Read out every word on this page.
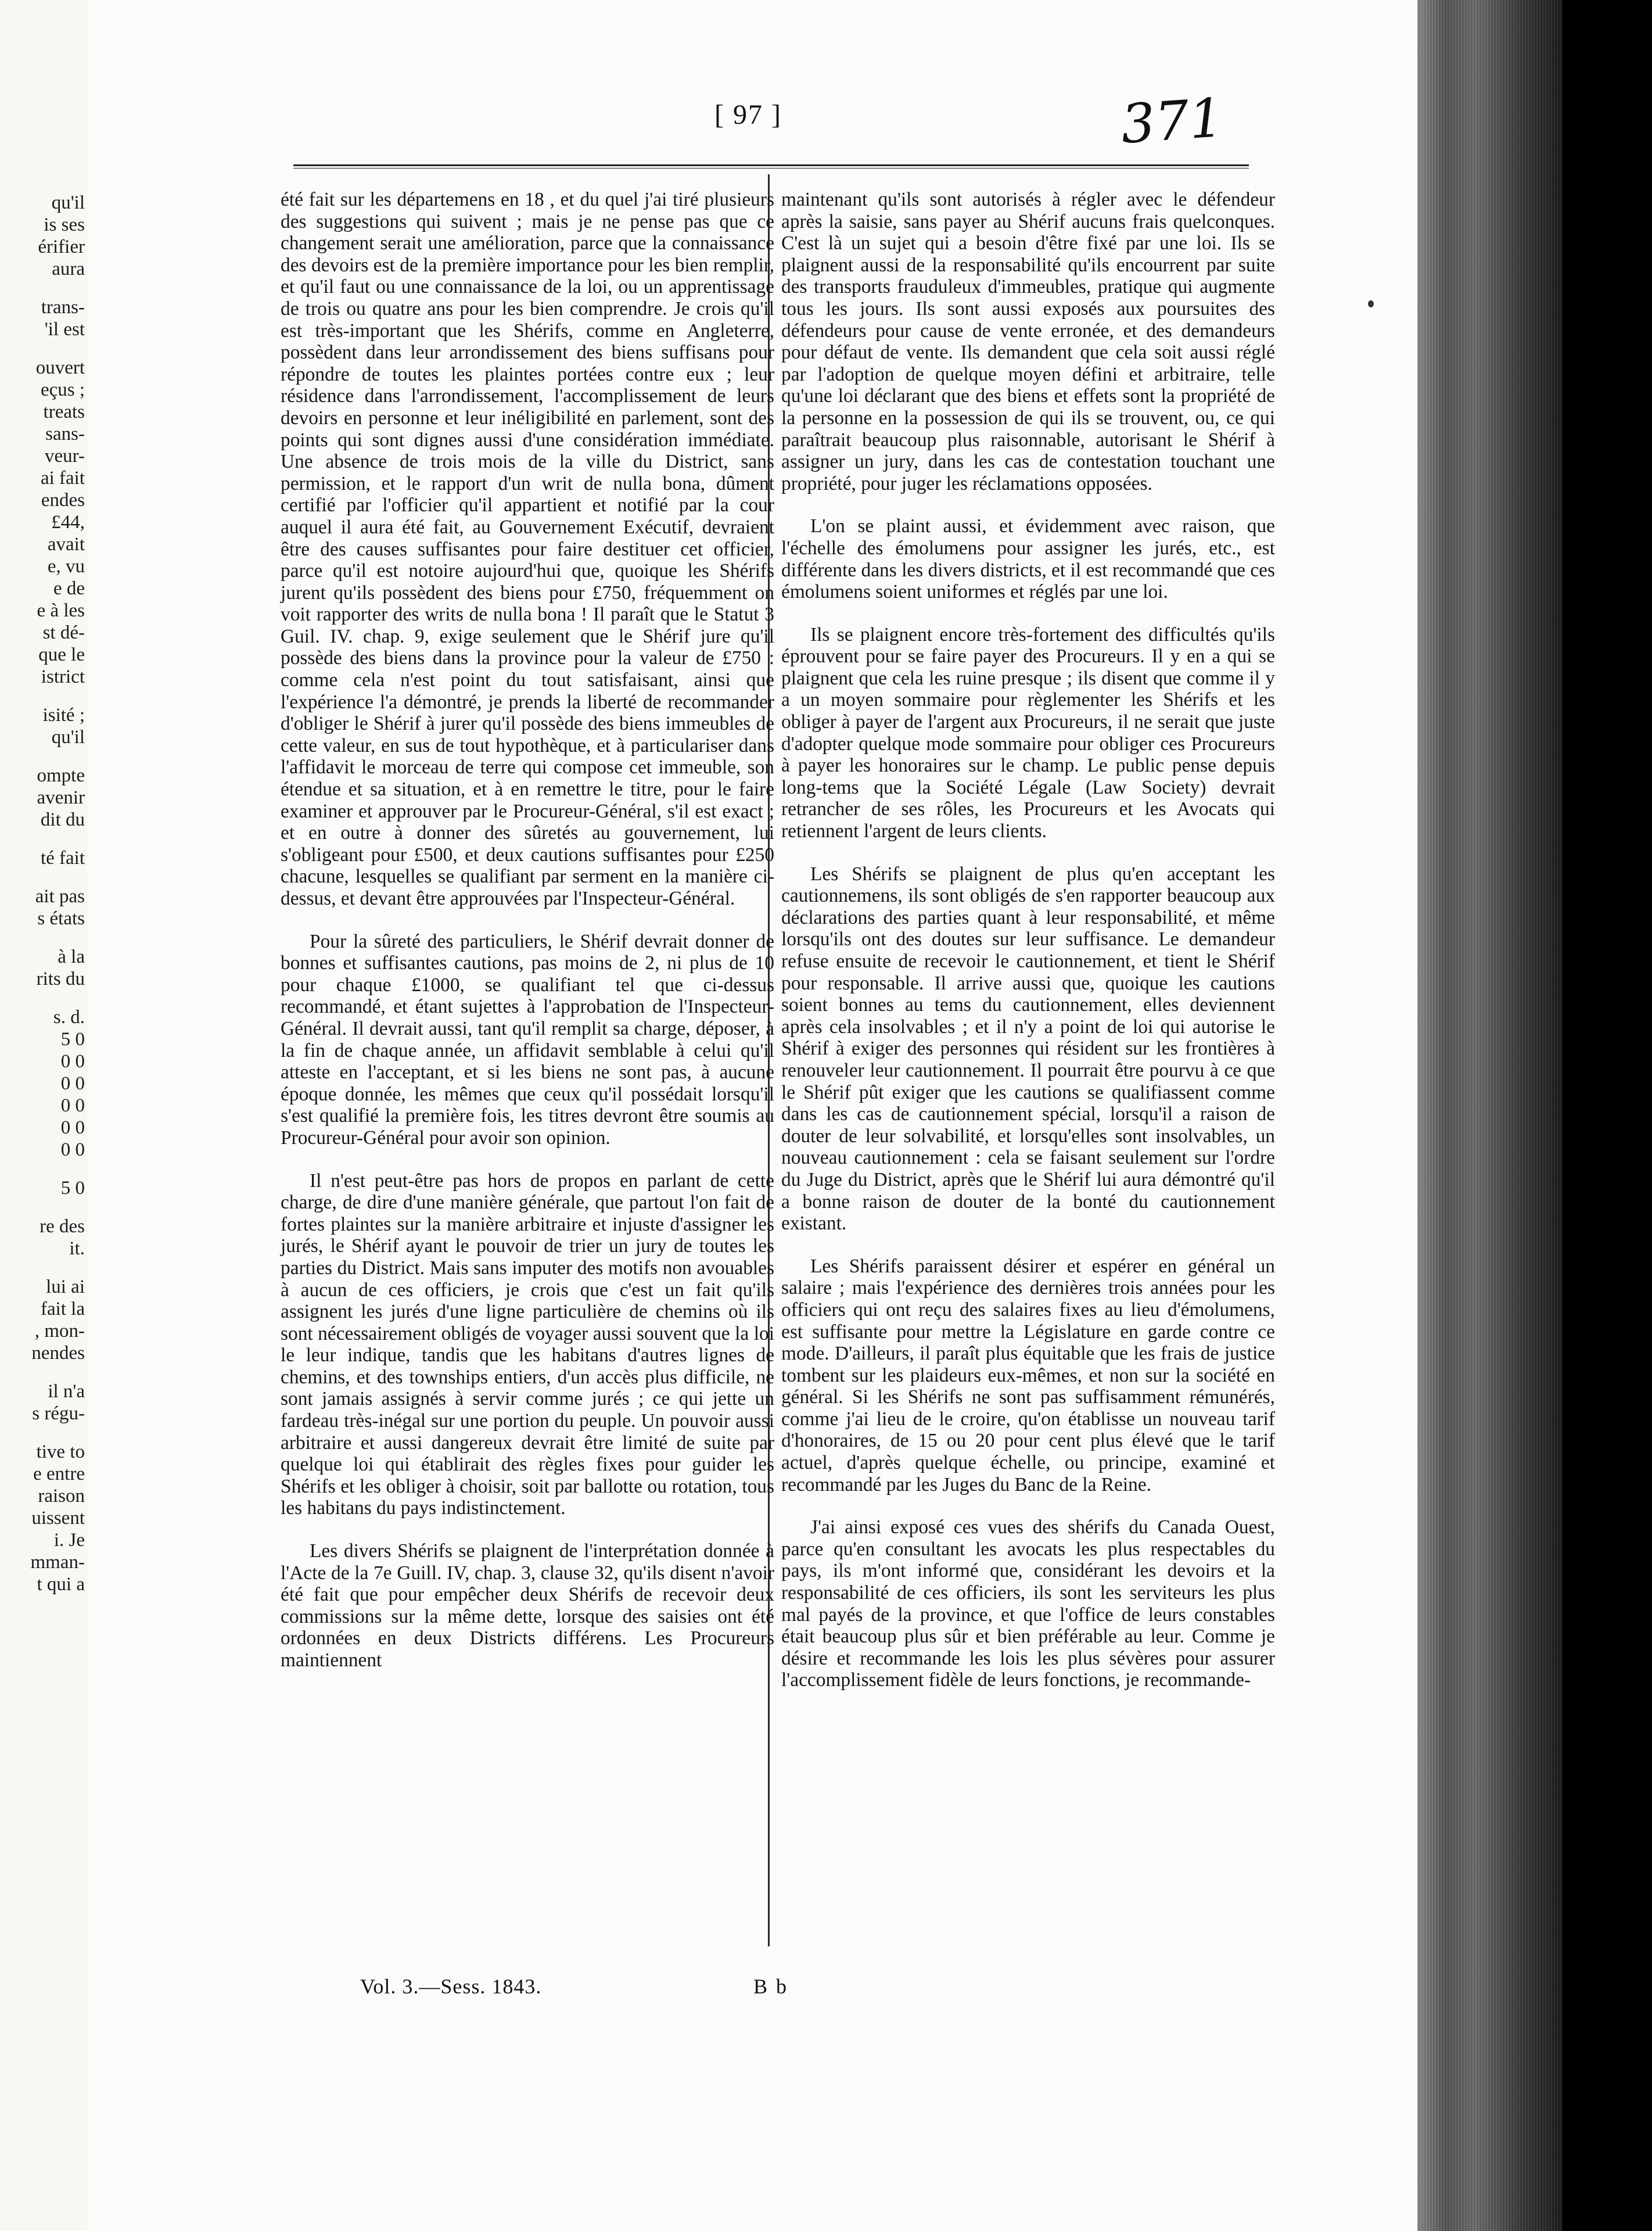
qu'il
is ses
érifier
aura
trans-
'il est
ouvert
eçus ;
treats
sans-
veur-
ai fait
endes
£44,
avait
e, vu
e de
e à les
st dé-
que le
istrict
isité ;
qu'il
ompte
avenir
dit du
té fait
ait pas
s états
à la
rits du
s. d.
5 0
0 0
0 0
0 0
0 0
0 0
5 0
re des
it.
lui ai
fait la
, mon-
nendes
il n'a
s régu-
tive to
e entre
raison
uissent
i. Je
mman-
t qui a
[ 97 ]	371

été fait sur les départemens en 18 , et du quel j'ai tiré plusieurs des suggestions qui suivent ; mais je ne pense pas que ce changement serait une amélioration, parce que la connaissance des devoirs est de la première importance pour les bien remplir, et qu'il faut ou une connaissance de la loi, ou un apprentissage de trois ou quatre ans pour les bien comprendre. Je crois qu'il est très-important que les Shérifs, comme en Angleterre, possèdent dans leur arrondissement des biens suffisans pour répondre de toutes les plaintes portées contre eux ; leur résidence dans l'arrondissement, l'accomplissement de leurs devoirs en personne et leur inéligibilité en parlement, sont des points qui sont dignes aussi d'une considération immédiate. Une absence de trois mois de la ville du District, sans permission, et le rapport d'un writ de nulla bona, dûment certifié par l'officier qu'il appartient et notifié par la cour auquel il aura été fait, au Gouvernement Exécutif, devraient être des causes suffisantes pour faire destituer cet officier, parce qu'il est notoire aujourd'hui que, quoique les Shérifs jurent qu'ils possèdent des biens pour £750, fréquemment on voit rapporter des writs de nulla bona ! Il paraît que le Statut 3 Guil. IV. chap. 9, exige seulement que le Shérif jure qu'il possède des biens dans la province pour la valeur de £750 : comme cela n'est point du tout satisfaisant, ainsi que l'expérience l'a démontré, je prends la liberté de recommander d'obliger le Shérif à jurer qu'il possède des biens immeubles de cette valeur, en sus de tout hypothèque, et à particulariser dans l'affidavit le morceau de terre qui compose cet immeuble, son étendue et sa situation, et à en remettre le titre, pour le faire examiner et approuver par le Procureur-Général, s'il est exact ; et en outre à donner des sûretés au gouvernement, lui s'obligeant pour £500, et deux cautions suffisantes pour £250 chacune, lesquelles se qualifiant par serment en la manière ci-dessus, et devant être approuvées par l'Inspecteur-Général.

Pour la sûreté des particuliers, le Shérif devrait donner de bonnes et suffisantes cautions, pas moins de 2, ni plus de 10 pour chaque £1000, se qualifiant tel que ci-dessus recommandé, et étant sujettes à l'approbation de l'Inspecteur-Général. Il devrait aussi, tant qu'il remplit sa charge, déposer, à la fin de chaque année, un affidavit semblable à celui qu'il atteste en l'acceptant, et si les biens ne sont pas, à aucune époque donnée, les mêmes que ceux qu'il possédait lorsqu'il s'est qualifié la première fois, les titres devront être soumis au Procureur-Général pour avoir son opinion.

Il n'est peut-être pas hors de propos en parlant de cette charge, de dire d'une manière générale, que partout l'on fait de fortes plaintes sur la manière arbitraire et injuste d'assigner les jurés, le Shérif ayant le pouvoir de trier un jury de toutes les parties du District. Mais sans imputer des motifs non avouables à aucun de ces officiers, je crois que c'est un fait qu'ils assignent les jurés d'une ligne particulière de chemins où ils sont nécessairement obligés de voyager aussi souvent que la loi le leur indique, tandis que les habitans d'autres lignes de chemins, et des townships entiers, d'un accès plus difficile, ne sont jamais assignés à servir comme jurés ; ce qui jette un fardeau très-inégal sur une portion du peuple. Un pouvoir aussi arbitraire et aussi dangereux devrait être limité de suite par quelque loi qui établirait des règles fixes pour guider les Shérifs et les obliger à choisir, soit par ballotte ou rotation, tous les habitans du pays indistinctement.

Les divers Shérifs se plaignent de l'interprétation donnée à l'Acte de la 7e Guill. IV, chap. 3, clause 32, qu'ils disent n'avoir été fait que pour empêcher deux Shérifs de recevoir deux commissions sur la même dette, lorsque des saisies ont été ordonnées en deux Districts différens. Les Procureurs maintiennent

maintenant qu'ils sont autorisés à régler avec le défendeur après la saisie, sans payer au Shérif aucuns frais quelconques. C'est là un sujet qui a besoin d'être fixé par une loi. Ils se plaignent aussi de la responsabilité qu'ils encourrent par suite des transports frauduleux d'immeubles, pratique qui augmente tous les jours. Ils sont aussi exposés aux poursuites des défendeurs pour cause de vente erronée, et des demandeurs pour défaut de vente. Ils demandent que cela soit aussi réglé par l'adoption de quelque moyen défini et arbitraire, telle qu'une loi déclarant que des biens et effets sont la propriété de la personne en la possession de qui ils se trouvent, ou, ce qui paraîtrait beaucoup plus raisonnable, autorisant le Shérif à assigner un jury, dans les cas de contestation touchant une propriété, pour juger les réclamations opposées.

L'on se plaint aussi, et évidemment avec raison, que l'échelle des émolumens pour assigner les jurés, etc., est différente dans les divers districts, et il est recommandé que ces émolumens soient uniformes et réglés par une loi.

Ils se plaignent encore très-fortement des difficultés qu'ils éprouvent pour se faire payer des Procureurs. Il y en a qui se plaignent que cela les ruine presque ; ils disent que comme il y a un moyen sommaire pour règlementer les Shérifs et les obliger à payer de l'argent aux Procureurs, il ne serait que juste d'adopter quelque mode sommaire pour obliger ces Procureurs à payer les honoraires sur le champ. Le public pense depuis long-tems que la Société Légale (Law Society) devrait retrancher de ses rôles, les Procureurs et les Avocats qui retiennent l'argent de leurs clients.

Les Shérifs se plaignent de plus qu'en acceptant les cautionnemens, ils sont obligés de s'en rapporter beaucoup aux déclarations des parties quant à leur responsabilité, et même lorsqu'ils ont des doutes sur leur suffisance. Le demandeur refuse ensuite de recevoir le cautionnement, et tient le Shérif pour responsable. Il arrive aussi que, quoique les cautions soient bonnes au tems du cautionnement, elles deviennent après cela insolvables ; et il n'y a point de loi qui autorise le Shérif à exiger des personnes qui résident sur les frontières à renouveler leur cautionnement. Il pourrait être pourvu à ce que le Shérif pût exiger que les cautions se qualifiassent comme dans les cas de cautionnement spécial, lorsqu'il a raison de douter de leur solvabilité, et lorsqu'elles sont insolvables, un nouveau cautionnement : cela se faisant seulement sur l'ordre du Juge du District, après que le Shérif lui aura démontré qu'il a bonne raison de douter de la bonté du cautionnement existant.

Les Shérifs paraissent désirer et espérer en général un salaire ; mais l'expérience des dernières trois années pour les officiers qui ont reçu des salaires fixes au lieu d'émolumens, est suffisante pour mettre la Législature en garde contre ce mode. D'ailleurs, il paraît plus équitable que les frais de justice tombent sur les plaideurs eux-mêmes, et non sur la société en général. Si les Shérifs ne sont pas suffisamment rémunérés, comme j'ai lieu de le croire, qu'on établisse un nouveau tarif d'honoraires, de 15 ou 20 pour cent plus élevé que le tarif actuel, d'après quelque échelle, ou principe, examiné et recommandé par les Juges du Banc de la Reine.

J'ai ainsi exposé ces vues des shérifs du Canada Ouest, parce qu'en consultant les avocats les plus respectables du pays, ils m'ont informé que, considérant les devoirs et la responsabilité de ces officiers, ils sont les serviteurs les plus mal payés de la province, et que l'office de leurs constables était beaucoup plus sûr et bien préférable au leur. Comme je désire et recommande les lois les plus sévères pour assurer l'accomplissement fidèle de leurs fonctions, je recommande-

Vol. 3.—Sess. 1843.	B b
